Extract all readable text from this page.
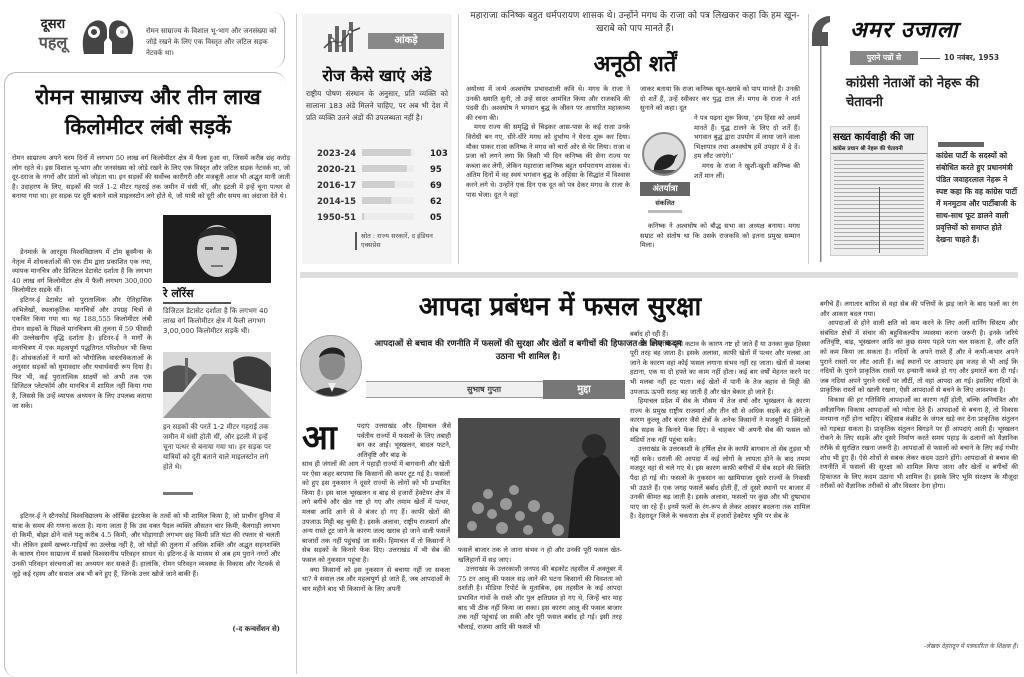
महाराजा कनिष्क बहुत धर्मपरायण शासक थे। उन्होंने मगध के राजा को पत्र लिखकर कहा कि हम खून-खराबे को पाप मानते हैं।
दूसरा
पहलू
रोमन साम्राज्य के विशाल भू-भाग और जनसंख्या को जोड़े रखने के लिए एक विस्तृत और जटिल सड़क नेटवर्क था।
रोमन साम्राज्य और तीन लाख किलोमीटर लंबी सड़कें
रोमन साम्राज्य अपने चरम दिनों में लगभग 50 लाख वर्ग किलोमीटर क्षेत्र में फैला हुआ था, जिसमें करीब छह करोड़ लोग रहते थे। इस विशाल भू-भाग और जनसंख्या को जोड़े रखने के लिए एक विस्तृत और जटिल सड़क नेटवर्क था, जो दूर-दराज के नगरों और प्रांतों को जोड़ता था। इन सड़कों की सर्वोच्च कारीगरी और मजबूती आज भी अद्भुत मानी जाती है। उदाहरण के लिए, सड़कों की परतें 1-2 मीटर गहराई तक जमीन में धंसी थीं, और इटली में इन्हें चूना पत्थर से बनाया गया था। हर सड़क पर दूरी बताने वाले माइलस्टोन लगे होते थे, जो यात्री को दूरी और समय का अंदाजा देते थे।

डेनमार्क के आरहूस विश्वविद्यालय में टॉम ब्रूवमैन्स के नेतृत्व में शोधकर्ताओं की एक टीम द्वारा प्रकाशित एक नया, व्यापक मानचित्र और डिजिटल डेटासेट दर्शाता है कि लगभग 40 लाख वर्ग किलोमीटर क्षेत्र में फैली लगभग 300,000 किलोमीटर सड़कें थीं।

इटिनर-ई डेटासेट को पुरातात्विक और ऐतिहासिक अभिलेखों, स्थलाकृतिक मानचित्रों और उपग्रह चित्रों से एकत्रित किया गया था। यह 188,555 किलोमीटर लंबी रोमन सड़कों के पिछले मानचित्रण की तुलना में 59 फीसदी की उल्लेखनीय वृद्धि दर्शाता है। इटिनर-ई ने मार्गों के मानचित्रण में एक महत्वपूर्ण पद्धतिगत परिशोधन भी किया है। शोधकर्ताओं ने मार्गों को भौगोलिक वास्तविकताओं के अनुसार सड़कों को घुमावदार और यथार्थवादी रूप दिया है। फिर भी, कई पुरातात्विक साक्ष्यों को अभी तक एक डिजिटल प्लेटफॉर्म और मानचित्र में शामिल नहीं किया गया है, जिससे कि उन्हें व्यापक अध्ययन के लिए उपलब्ध कराया जा सके।

रे लॉरेंस
डिजिटल डेटासेट दर्शाता है कि लगभग 40 लाख वर्ग किलोमीटर क्षेत्र में फैली लगभग 3,00,000 किलोमीटर सड़कें थीं।
इन सड़कों की परतें 1-2 मीटर गहराई तक जमीन में धंसी होती थीं, और इटली में इन्हें चूना पत्थर से बनाया गया था। हर सड़क पर यात्रियों को दूरी बताने वाले माइलस्टोन लगे होते थे।

इटिनर-ई ने स्टैनफोर्ड विश्वविद्यालय के ऑर्बिस इंटरफेस के तत्वों को भी शामिल किया है, जो प्राचीन दुनिया में यात्रा के समय की गणना करता है। माना जाता है कि उस वक्त पैदल व्यक्ति औसतन चार किमी, बैलगाड़ी लगभग दो किमी, बोझा ढोने वाले पशु करीब 4.5 किमी, और घोड़ागाड़ी लगभग छह किमी प्रति घंटा की रफ्तार से चलती थी। लेकिन इसमें खच्चर-गाड़ियों का उल्लेख नहीं है, जो घोड़ों की तुलना में अधिक शक्ति और अद्भुत सहनशक्ति के कारण रोमन साम्राज्य में सबसे विश्वसनीय परिवहन साधन थे। इटिनर-ई के माध्यम से अब हम पुराने नगरों और उनकी परिवहन संरचनाओं का अध्ययन कर सकते हैं। हालांकि, रोमन परिवहन व्यवस्था के विकास और नेटवर्क से जुड़े कई रहस्य और सवाल अब भी बने हुए हैं, जिनके उत्तर खोजे जाने बाकी हैं।

(-द कन्वर्सेशन से)
आंकड़े
रोज कैसे खाएं अंडे
राष्ट्रीय पोषण संस्थान के अनुसार, प्रति व्यक्ति को सालाना 183 अंडे मिलने चाहिए, पर अब भी देश में प्रति व्यक्ति उतने अंडों की उपलब्धता नहीं है।
2023-24	103
2020-21	95
2016-17	69
2014-15	62
1950-51	05
स्रोत : राज्य सरकारें, द इंडियन एक्सप्रेस
अनूठी शर्तें

अयोध्या में जन्मे अश्वघोष प्रभावशाली कवि थे। मगध के राजा ने उनकी ख्याति सुनी, तो उन्हें सादर आमंत्रित किया और राजकवि की पदवी दी। अश्वघोष ने भगवान बुद्ध के जीवन पर आधारित महाकाव्य की रचना की।

मगध राज्य की समृद्धि से चिढ़कर आस-पास के कई राजा उनके विरोधी बन गए, धीरे-धीरे मगध को दुर्भाग्य ने घेरना शुरू कर दिया। मौका पाकर राजा कनिष्क ने मगध को चारों ओर से घेर लिया। राजा व प्रजा को लगने लगा कि किसी भी दिन कनिष्क की सेना राज्य पर कब्जा कर लेगी, लेकिन महाराजा कनिष्क बहुत धर्मपरायण शासक थे। अंतिम दिनों में वह स्वयं भगवान बुद्ध के अहिंसा के सिद्धांत में विश्वास करने लगे थे। उन्होंने एक दिन एक दूत को पत्र देकर मगध के राजा के पास भेजा। दूत ने वहां

जाकर बताया कि राजा कनिष्क खून-खराबे को पाप मानते हैं। उनकी दो शर्तें हैं, उन्हें स्वीकार कर युद्ध टाल लें। मगध के राजा ने शर्त सुनाने को कहा। दूत
अंतर्यात्रा
संकलित
ने पत्र पढ़ना शुरू किया, 'हम हिंसा को अधर्म मानते हैं। युद्ध टालने के लिए दो शर्तें हैं। भगवान बुद्ध द्वारा उपयोग में लाया जाने वाला भिक्षापात्र तथा अश्वघोष हमें उपहार में दे दें। हम लौट जाएंगे।'

मगध के राजा ने खुशी-खुशी कनिष्क की शर्तें मान लीं।

कनिष्क ने अश्वघोष को बौद्ध सभा का अध्यक्ष बनाया। मगध सम्राट को संतोष था कि उसके राजकवि को इतना प्रमुख सम्मान मिला।

अमर उजाला
पुराने पन्नों से	10 नवंबर, 1953
कांग्रेसी नेताओं को नेहरू की चेतावनी
सख्त कार्यवाही की जा
कांग्रेस प्रधान श्री नेहरू की चेतावनी
कांग्रेस पार्टी के सदस्यों को संबोधित करते हुए प्रधानमंत्री पंडित जवाहरलाल नेहरू ने स्पष्ट कहा कि वह कांग्रेस पार्टी में मनमुटाव और पार्टीबाजी के साथ-साथ फूट डालने वाली प्रवृत्तियों को समाप्त होते देखना चाहते हैं।
आपदा प्रबंधन में फसल सुरक्षा
आपदाओं से बचाव की रणनीति में फसलों की सुरक्षा और खेतों व बगीचों की हिफाजत के लिए कदम उठाना भी शामिल है।
सुभाष गुप्ता	मुद्दा
आ	पदाएं उत्तराखंड और हिमाचल जैसे पर्वतीय राज्यों में फसलों के लिए तबाही बन कर आईं। भूस्खलन, बादल फटने, अतिवृष्टि और बाढ़ के
साथ ही जंगलों की आग ने पहाड़ी राज्यों में बागवानी और खेती पर ऐसा कहर बरपाया कि किसानों की कमर टूट गई है। फसलों को हुए इस नुकसान ने दूसरे राज्यों के लोगों को भी प्रभावित किया है। इस साल भूस्खलन व बाढ़ से हजारों हेक्टेयर क्षेत्र में लगे बगीचे और खेत नष्ट हो गए और तमाम खेतों में पत्थर, मलबा आदि आने से वे बंजर हो गए हैं। काफी खेतों की उपजाऊ मिट्टी बह चुकी है। इसके अलावा, राष्ट्रीय राजमार्ग और अन्य रास्ते टूट जाने के कारण जल्द खराब हो जाने वाली फसलें बाजारों तक नहीं पहुंचाई जा सकीं। हिमाचल में तो किसानों ने सेब सड़कों के किनारे फेंक दिए। उत्तराखंड में भी सेब की फसल को नुकसान पहुंचा है।

क्या किसानों को इस नुकसान से बचाया नहीं जा सकता था? ये सवाल तब और महत्वपूर्ण हो जाते हैं, जब आपदाओं के चार महीने बाद भी किसानों के लिए अपनी

फसलें बाजार तक ले जाना संभव न हो और उनकी पूरी फसल खेत-खलिहानों में सड़ जाए।

उत्तराखंड के उत्तरकाशी जनपद की बड़कोट तहसील में अक्तूबर में 75 टन आलू की फसल सड़ जाने की घटना किसानों की विवशता को दर्शाती है। मीडिया रिपोर्ट के मुताबिक, इस तहसील के कई आपदा प्रभावित गांवों के रास्ते और पुल क्षतिग्रस्त हो गए थे, जिन्हें चार माह बाद भी ठीक नहीं किया जा सका। इस कारण आलू की फसल बाजार तक नहीं पहुंचाई जा सकी और पूरी फसल बर्बाद हो गई। इसी तरह चौलाई, राजमा आदि की फसलें भी

बर्बाद हो रही हैं।

खेत या बगीचे भूमि कटाव के कारण नष्ट हो जाते हैं या उनका कुछ हिस्सा पूरी तरह बह जाता है। इसके अलावा, काफी खेतों में पत्थर और मलबा आ जाने के कारण वहां कोई फसल लगाना संभव नहीं रह जाता। खेतों से मलबा हटाना, एक या दो हफ्ते का काम नहीं होता। कई बार वर्षों मेहनत करने पर भी मलबा नहीं हट पाता। कई खेतों में पानी के तेज बहाव से मिट्टी की उपजाऊ ऊपरी सतह बह जाती है और खेत बेकार हो जाते हैं।

हिमाचल प्रदेश में सेब के मौसम में तेज वर्षा और भूस्खलन के कारण राज्य के प्रमुख राष्ट्रीय राजमार्ग और तीन सौ से अधिक सड़कें बंद होने के कारण कुल्लू और बंजार जैसे क्षेत्रों के अनेक किसानों ने मजबूरी में क्विंटलों सेब सड़क के किनारे फेंक दिए। वे चाहकर भी अपनी सेब की फसल को मंडियों तक नहीं पहुंचा सके।

उत्तराखंड के उत्तरकाशी के हर्षिल क्षेत्र के काफी बागवान तो सेब तुड़वा भी नहीं सके। धराली की आपदा में कई लोगों के लापता होने के बाद तमाम मजदूर वहां से चले गए थे। इस कारण काफी बगीचों में सेब सड़ने की स्थिति पैदा हो गई थी। फसलों के नुकसान का खामियाजा दूसरे राज्यों के निवासी भी उठाते हैं। एक जगह फसलें बर्बाद होती हैं, तो दूसरे स्थानों पर बाजार में उनकी कीमत बढ़ जाती है। इसके अलावा, फसलों पर कुछ और भी दुष्प्रभाव पाए जा रहे हैं। इनमें फलों के रंग-रूप से लेकर आकार बदलना तक शामिल है। देहरादून जिले के चकराता क्षेत्र में हजारों हेक्टेयर भूमि पर सेब के

बगीचे हैं। लगातार बारिश से वहां सेब की पत्तियों के झड़ जाने के बाद फलों का रंग और आकार बदल गया।

आपदाओं से होने वाली क्षति को कम करने के लिए अर्ली वार्निंग सिस्टम और संबंधित क्षेत्रों में संचार की बहुविकल्पीय व्यवस्था करना जरूरी है। इनके जरिये अतिवृष्टि, बाढ़, भूस्खलन आदि का कुछ समय पहले पता चल सकता है, और क्षति को कम किया जा सकता है। नदियों के अपने रास्ते हैं और वे कभी-कभार अपने पुराने रास्तों पर लौट आती हैं। कई स्थानों पर आपदाएं इस वजह से भी आईं कि नदियों के पुराने प्राकृतिक रास्तों पर इन्सानी कब्जे हो गए और इमारतें बना दी गईं। जब नदियां अपने पुराने रास्तों पर लौटीं, तो वहां आपदा आ गई। इसलिए नदियों के प्राकृतिक रास्तों को खाली रखना, ऐसी आपदाओं से बचने के लिए आवश्यक है।

विकास की हर गतिविधि आपदाओं का कारण नहीं होती, बल्कि अनियंत्रित और अवैज्ञानिक विकास आपदाओं को न्योता देते हैं। आपदाओं से बचना है, तो विकास मनमाना नहीं होना चाहिए। बेहिसाब कंक्रीट के जंगल खड़े कर देना प्राकृतिक संतुलन को गड़बड़ा सकता है। प्राकृतिक संतुलन बिगड़ने पर ही आपदाएं आती हैं। भूस्खलन रोकने के लिए सड़कें और दूसरे निर्माण करते समय पहाड़ के ढलानों को वैज्ञानिक तरीके से सुरक्षित रखना जरूरी है। आपदाओं से फसलों को बचाने के लिए कई गंभीर शोध भी हुए हैं। ऐसे शोधों से सबक लेकर कदम उठाने होंगे। आपदाओं से बचाव की रणनीति में फसलों की सुरक्षा को शामिल किया जाना और खेतों व बगीचों की हिफाजत के लिए कदम उठाना भी शामिल है। इसके लिए भूमि संरक्षण के मौजूदा तरीकों को वैज्ञानिक तरीकों से और विस्तार देना होगा।

-लेखक देहरादून में पत्रकारिता के शिक्षक हैं।
